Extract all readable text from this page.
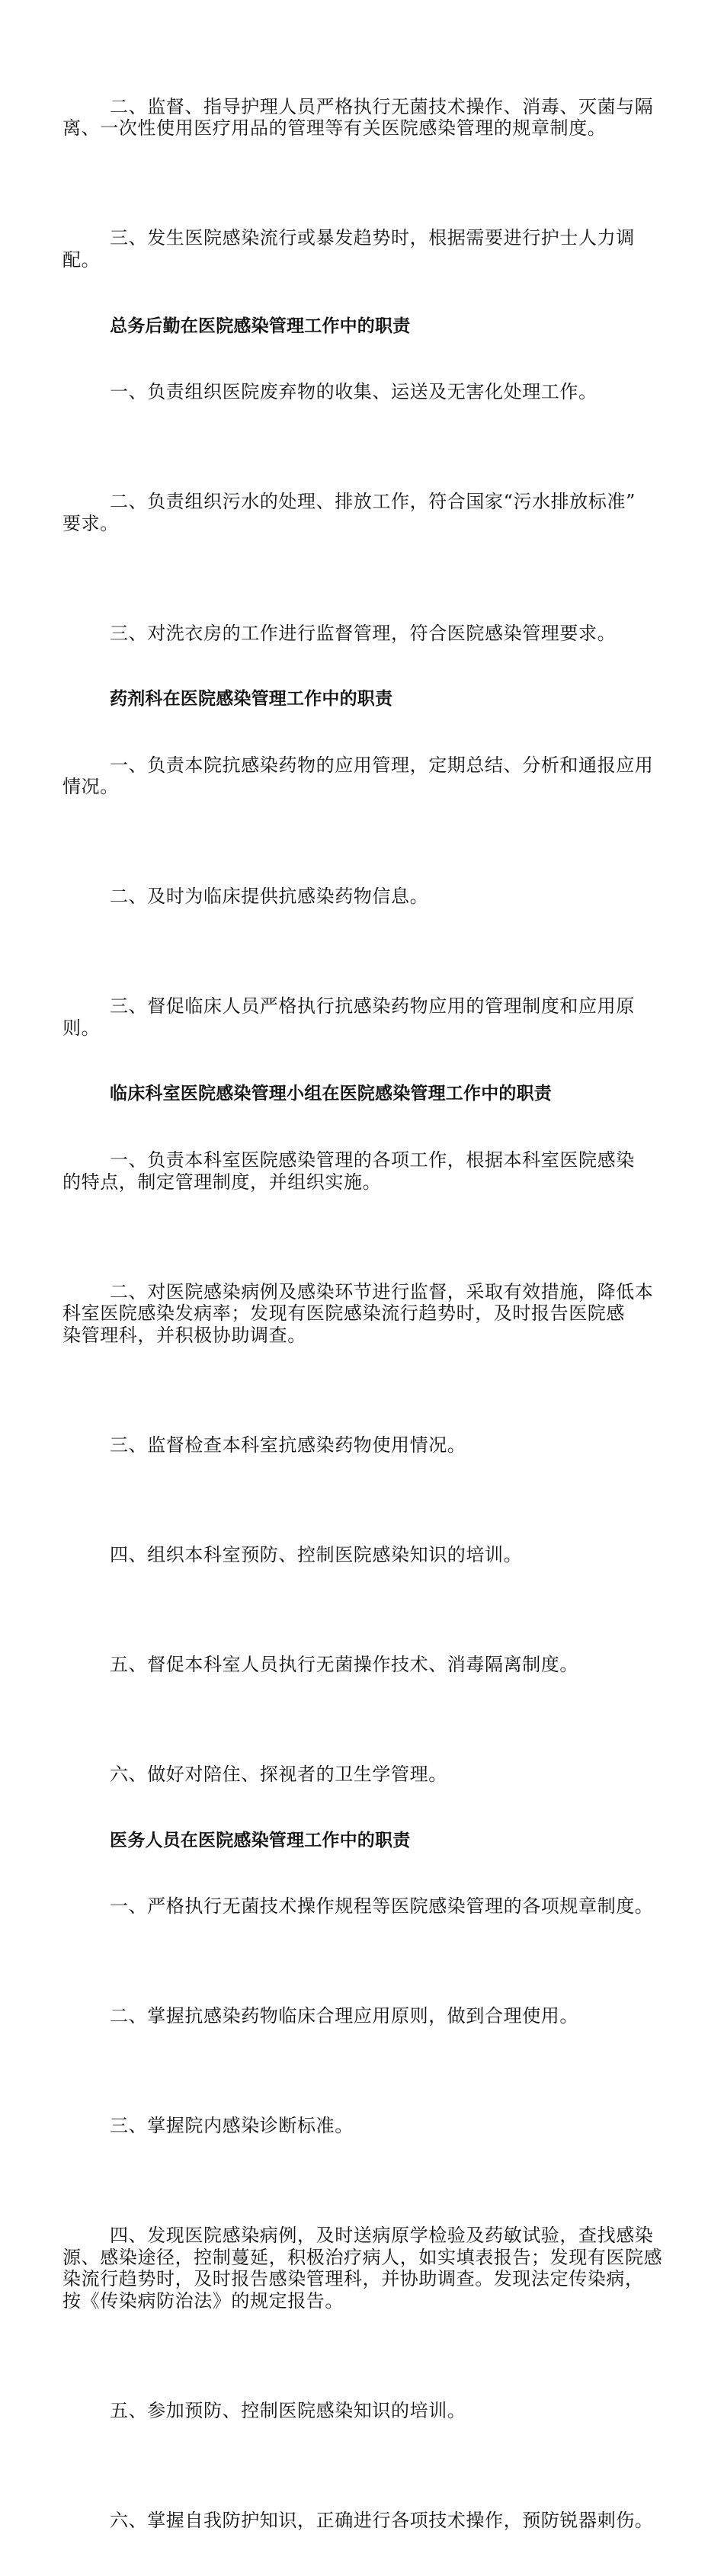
二、监督、指导护理人员严格执行无菌技术操作、消毒、灭菌与隔
离、一次性使用医疗用品的管理等有关医院感染管理的规章制度。

三、发生医院感染流行或暴发趋势时，根据需要进行护士人力调
配。

总务后勤在医院感染管理工作中的职责

一、负责组织医院废弃物的收集、运送及无害化处理工作。

二、负责组织污水的处理、排放工作，符合国家“污水排放标准”
要求。

三、对洗衣房的工作进行监督管理，符合医院感染管理要求。

药剂科在医院感染管理工作中的职责

一、负责本院抗感染药物的应用管理，定期总结、分析和通报应用
情况。

二、及时为临床提供抗感染药物信息。

三、督促临床人员严格执行抗感染药物应用的管理制度和应用原
则。

临床科室医院感染管理小组在医院感染管理工作中的职责

一、负责本科室医院感染管理的各项工作，根据本科室医院感染
的特点，制定管理制度，并组织实施。

二、对医院感染病例及感染环节进行监督，采取有效措施，降低本
科室医院感染发病率；发现有医院感染流行趋势时，及时报告医院感
染管理科，并积极协助调查。

三、监督检查本科室抗感染药物使用情况。

四、组织本科室预防、控制医院感染知识的培训。

五、督促本科室人员执行无菌操作技术、消毒隔离制度。

六、做好对陪住、探视者的卫生学管理。

医务人员在医院感染管理工作中的职责

一、严格执行无菌技术操作规程等医院感染管理的各项规章制度。

二、掌握抗感染药物临床合理应用原则，做到合理使用。

三、掌握院内感染诊断标准。

四、发现医院感染病例，及时送病原学检验及药敏试验，查找感染
源、感染途径，控制蔓延，积极治疗病人，如实填表报告；发现有医院感
染流行趋势时，及时报告感染管理科，并协助调查。发现法定传染病，
按《传染病防治法》的规定报告。

五、参加预防、控制医院感染知识的培训。

六、掌握自我防护知识，正确进行各项技术操作，预防锐器刺伤。
